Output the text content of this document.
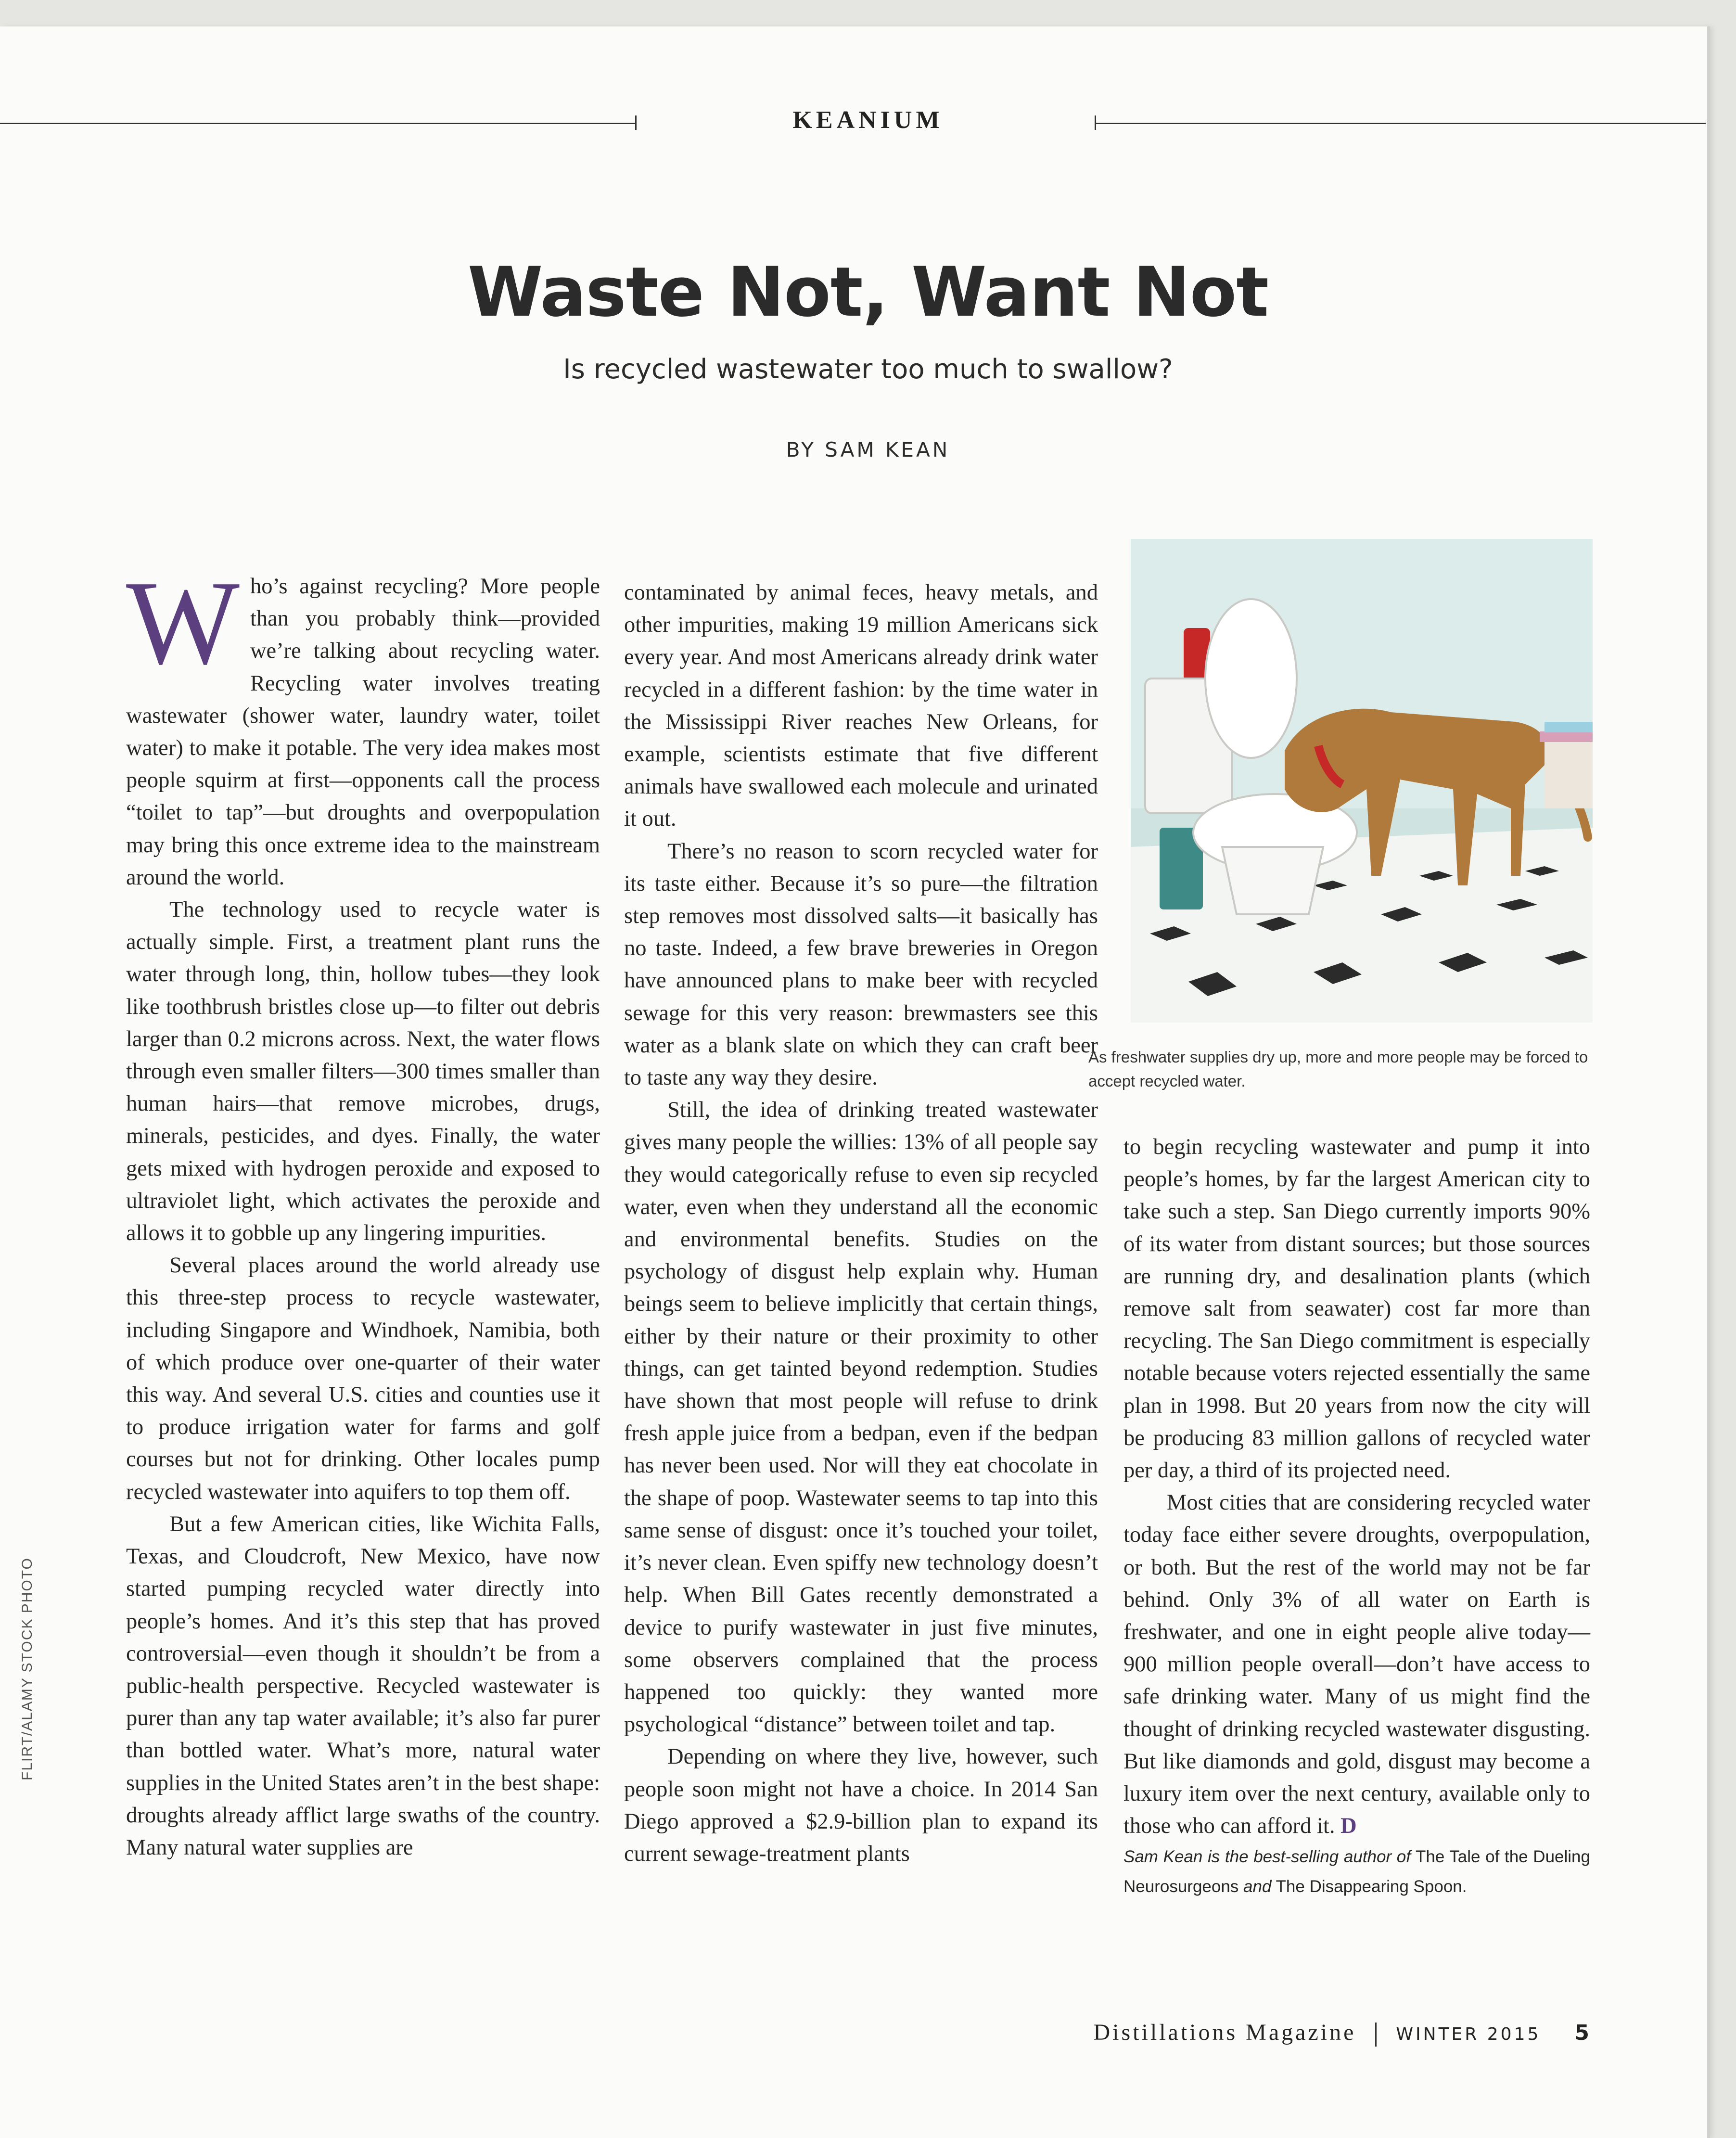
KEANIUM
Waste Not, Want Not
Is recycled wastewater too much to swallow?
BY SAM KEAN

Who’s against recycling? More people than you probably think—provided we’re talking about recycling water. Recycling water involves treating wastewater (shower water, laundry water, toilet water) to make it potable. The very idea makes most people squirm at first—opponents call the process “toilet to tap”—but droughts and overpopulation may bring this once extreme idea to the mainstream around the world.

The technology used to recycle water is actually simple. First, a treatment plant runs the water through long, thin, hollow tubes—they look like toothbrush bristles close up—to filter out debris larger than 0.2 microns across. Next, the water flows through even smaller filters—300 times smaller than human hairs—that remove microbes, drugs, minerals, pesticides, and dyes. Finally, the water gets mixed with hydrogen peroxide and exposed to ultraviolet light, which activates the peroxide and allows it to gobble up any lingering impurities.

Several places around the world already use this three-step process to recycle wastewater, including Singapore and Windhoek, Namibia, both of which produce over one-quarter of their water this way. And several U.S. cities and counties use it to produce irrigation water for farms and golf courses but not for drinking. Other locales pump recycled wastewater into aquifers to top them off.

But a few American cities, like Wichita Falls, Texas, and Cloudcroft, New Mexico, have now started pumping recycled water directly into people’s homes. And it’s this step that has proved controversial—even though it shouldn’t be from a public-health perspective. Recycled wastewater is purer than any tap water available; it’s also far purer than bottled water. What’s more, natural water supplies in the United States aren’t in the best shape: droughts already afflict large swaths of the country. Many natural water supplies are

contaminated by animal feces, heavy metals, and other impurities, making 19 million Americans sick every year. And most Americans already drink water recycled in a different fashion: by the time water in the Mississippi River reaches New Orleans, for example, scientists estimate that five different animals have swallowed each molecule and urinated it out.

There’s no reason to scorn recycled water for its taste either. Because it’s so pure—the filtration step removes most dissolved salts—it basically has no taste. Indeed, a few brave breweries in Oregon have announced plans to make beer with recycled sewage for this very reason: brewmasters see this water as a blank slate on which they can craft beer to taste any way they desire.

Still, the idea of drinking treated wastewater gives many people the willies: 13% of all people say they would categorically refuse to even sip recycled water, even when they understand all the economic and environmental benefits. Studies on the psychology of disgust help explain why. Human beings seem to believe implicitly that certain things, either by their nature or their proximity to other things, can get tainted beyond redemption. Studies have shown that most people will refuse to drink fresh apple juice from a bedpan, even if the bedpan has never been used. Nor will they eat chocolate in the shape of poop. Wastewater seems to tap into this same sense of disgust: once it’s touched your toilet, it’s never clean. Even spiffy new technology doesn’t help. When Bill Gates recently demonstrated a device to purify wastewater in just five minutes, some observers complained that the process happened too quickly: they wanted more psychological “distance” between toilet and tap.

Depending on where they live, however, such people soon might not have a choice. In 2014 San Diego approved a $2.9-billion plan to expand its current sewage-treatment plants

As freshwater supplies dry up, more and more people may be forced to accept recycled water.

to begin recycling wastewater and pump it into people’s homes, by far the largest American city to take such a step. San Diego currently imports 90% of its water from distant sources; but those sources are running dry, and desalination plants (which remove salt from seawater) cost far more than recycling. The San Diego commitment is especially notable because voters rejected essentially the same plan in 1998. But 20 years from now the city will be producing 83 million gallons of recycled water per day, a third of its projected need.

Most cities that are considering recycled water today face either severe droughts, overpopulation, or both. But the rest of the world may not be far behind. Only 3% of all water on Earth is freshwater, and one in eight people alive today—900 million people overall—don’t have access to safe drinking water. Many of us might find the thought of drinking recycled wastewater disgusting. But like diamonds and gold, disgust may become a luxury item over the next century, available only to those who can afford it. D

Sam Kean is the best-selling author of The Tale of the Dueling Neurosurgeons and The Disappearing Spoon.

FLIRT/ALAMY STOCK PHOTO
Distillations Magazine WINTER 2015 5
